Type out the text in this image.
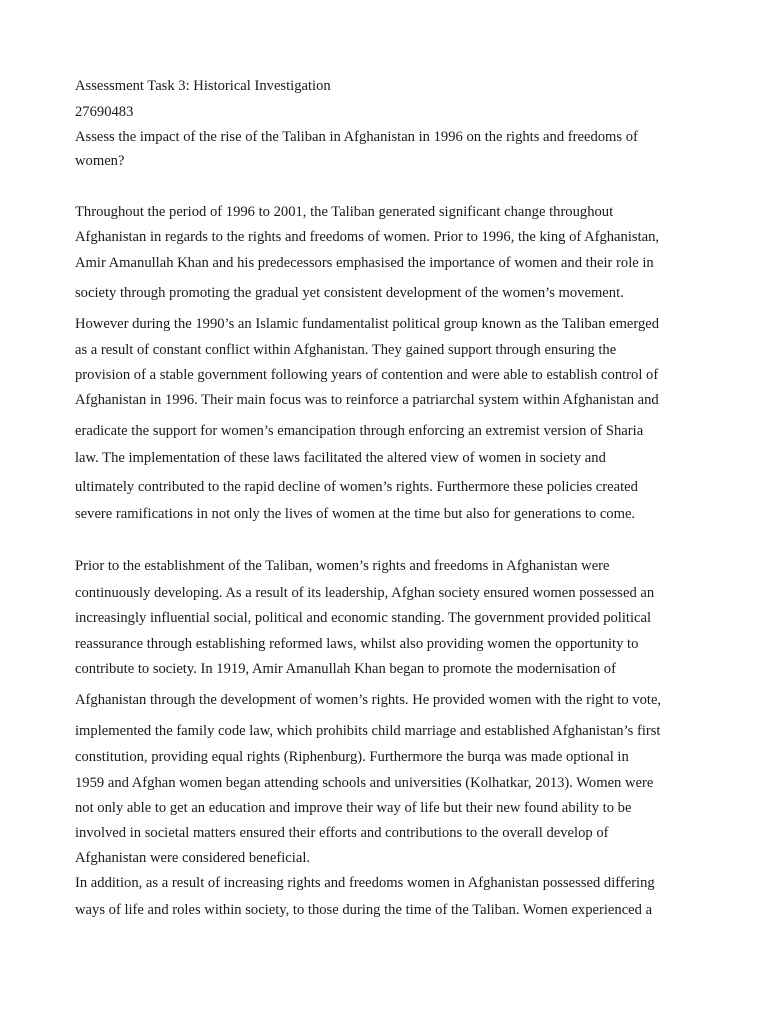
Assessment Task 3: Historical Investigation

27690483

Assess the impact of the rise of the Taliban in Afghanistan in 1996 on the rights and freedoms of

women?

Throughout the period of 1996 to 2001, the Taliban generated significant change throughout

Afghanistan in regards to the rights and freedoms of women. Prior to 1996, the king of Afghanistan,

Amir Amanullah Khan and his predecessors emphasised the importance of women and their role in

society through promoting the gradual yet consistent development of the women’s movement.

However during the 1990’s an Islamic fundamentalist political group known as the Taliban emerged

as a result of constant conflict within Afghanistan. They gained support through ensuring the

provision of a stable government following years of contention and were able to establish control of

Afghanistan in 1996. Their main focus was to reinforce a patriarchal system within Afghanistan and

eradicate the support for women’s emancipation through enforcing an extremist version of Sharia

law. The implementation of these laws facilitated the altered view of women in society and

ultimately contributed to the rapid decline of women’s rights. Furthermore these policies created

severe ramifications in not only the lives of women at the time but also for generations to come.

Prior to the establishment of the Taliban, women’s rights and freedoms in Afghanistan were

continuously developing. As a result of its leadership, Afghan society ensured women possessed an

increasingly influential social, political and economic standing. The government provided political

reassurance through establishing reformed laws, whilst also providing women the opportunity to

contribute to society. In 1919, Amir Amanullah Khan began to promote the modernisation of

Afghanistan through the development of women’s rights. He provided women with the right to vote,

implemented the family code law, which prohibits child marriage and established Afghanistan’s first

constitution, providing equal rights (Riphenburg). Furthermore the burqa was made optional in

1959 and Afghan women began attending schools and universities (Kolhatkar, 2013). Women were

not only able to get an education and improve their way of life but their new found ability to be

involved in societal matters ensured their efforts and contributions to the overall develop of

Afghanistan were considered beneficial.

In addition, as a result of increasing rights and freedoms women in Afghanistan possessed differing

ways of life and roles within society, to those during the time of the Taliban. Women experienced a
